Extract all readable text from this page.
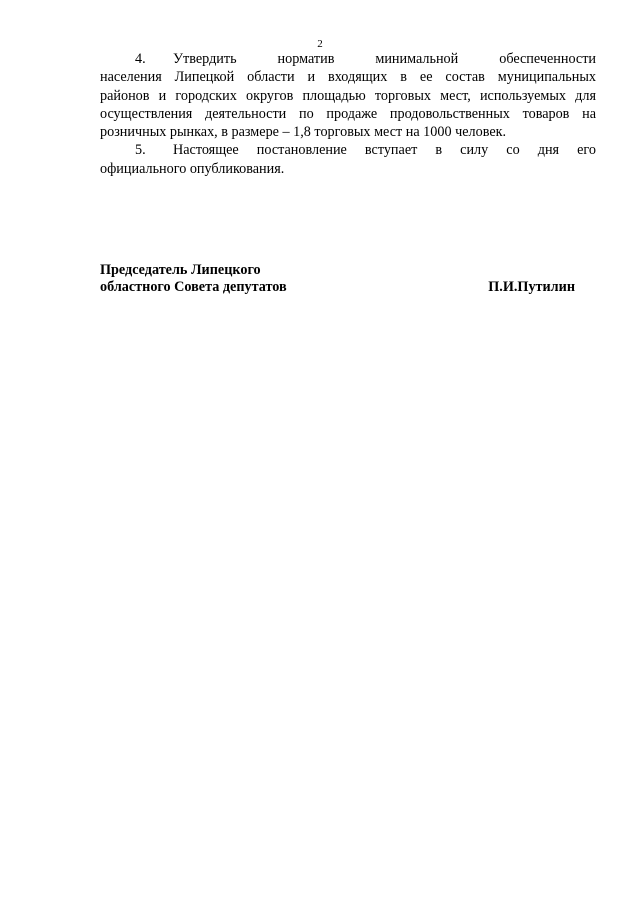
2
4. Утвердить норматив минимальной обеспеченности
населения Липецкой области и входящих в ее состав муниципальных
районов и городских округов площадью торговых мест, используемых для
осуществления деятельности по продаже продовольственных товаров на
розничных рынках, в размере – 1,8 торговых мест на 1000 человек.
5. Настоящее постановление вступает в силу со дня его
официального опубликования.
Председатель Липецкого
областного Совета депутатов	П.И.Путилин
